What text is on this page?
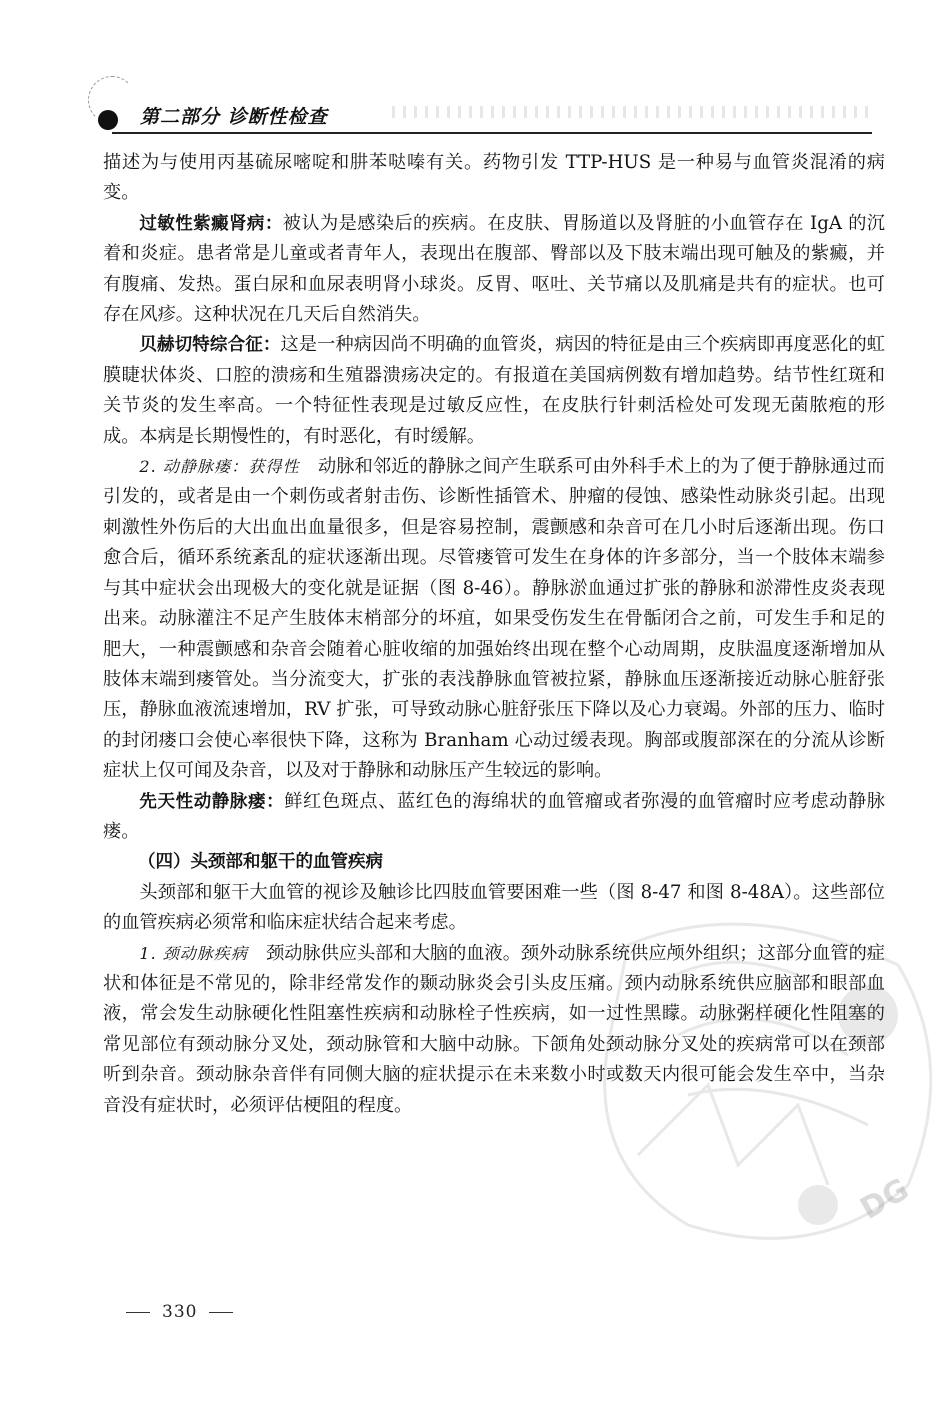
第二部分 诊断性检查

描述为与使用丙基硫尿嘧啶和肼苯哒嗪有关。药物引发 TTP-HUS 是一种易与血管炎混淆的病变。

过敏性紫癜肾病：被认为是感染后的疾病。在皮肤、胃肠道以及肾脏的小血管存在 IgA 的沉着和炎症。患者常是儿童或者青年人，表现出在腹部、臀部以及下肢末端出现可触及的紫癜，并有腹痛、发热。蛋白尿和血尿表明肾小球炎。反胃、呕吐、关节痛以及肌痛是共有的症状。也可存在风疹。这种状况在几天后自然消失。

贝赫切特综合征：这是一种病因尚不明确的血管炎，病因的特征是由三个疾病即再度恶化的虹膜睫状体炎、口腔的溃疡和生殖器溃疡决定的。有报道在美国病例数有增加趋势。结节性红斑和关节炎的发生率高。一个特征性表现是过敏反应性，在皮肤行针刺活检处可发现无菌脓疱的形成。本病是长期慢性的，有时恶化，有时缓解。

2. 动静脉瘘：获得性　 动脉和邻近的静脉之间产生联系可由外科手术上的为了便于静脉通过而引发的，或者是由一个刺伤或者射击伤、诊断性插管术、肿瘤的侵蚀、感染性动脉炎引起。出现刺激性外伤后的大出血出血量很多，但是容易控制，震颤感和杂音可在几小时后逐渐出现。伤口愈合后，循环系统紊乱的症状逐渐出现。尽管瘘管可发生在身体的许多部分，当一个肢体末端参与其中症状会出现极大的变化就是证据（图 8-46）。静脉淤血通过扩张的静脉和淤滞性皮炎表现出来。动脉灌注不足产生肢体末梢部分的坏疽，如果受伤发生在骨骺闭合之前，可发生手和足的肥大，一种震颤感和杂音会随着心脏收缩的加强始终出现在整个心动周期，皮肤温度逐渐增加从肢体末端到瘘管处。当分流变大，扩张的表浅静脉血管被拉紧，静脉血压逐渐接近动脉心脏舒张压，静脉血液流速增加，RV 扩张，可导致动脉心脏舒张压下降以及心力衰竭。外部的压力、临时的封闭瘘口会使心率很快下降，这称为 Branham 心动过缓表现。胸部或腹部深在的分流从诊断症状上仅可闻及杂音，以及对于静脉和动脉压产生较远的影响。

先天性动静脉瘘：鲜红色斑点、蓝红色的海绵状的血管瘤或者弥漫的血管瘤时应考虑动静脉瘘。

（四）头颈部和躯干的血管疾病

头颈部和躯干大血管的视诊及触诊比四肢血管要困难一些（图 8-47 和图 8-48A）。这些部位的血管疾病必须常和临床症状结合起来考虑。

1. 颈动脉疾病　 颈动脉供应头部和大脑的血液。颈外动脉系统供应颅外组织；这部分血管的症状和体征是不常见的，除非经常发作的颞动脉炎会引头皮压痛。颈内动脉系统供应脑部和眼部血液，常会发生动脉硬化性阻塞性疾病和动脉栓子性疾病，如一过性黑矇。动脉粥样硬化性阻塞的常见部位有颈动脉分叉处，颈动脉管和大脑中动脉。下颌角处颈动脉分叉处的疾病常可以在颈部听到杂音。颈动脉杂音伴有同侧大脑的症状提示在未来数小时或数天内很可能会发生卒中，当杂音没有症状时，必须评估梗阻的程度。

DG
330
